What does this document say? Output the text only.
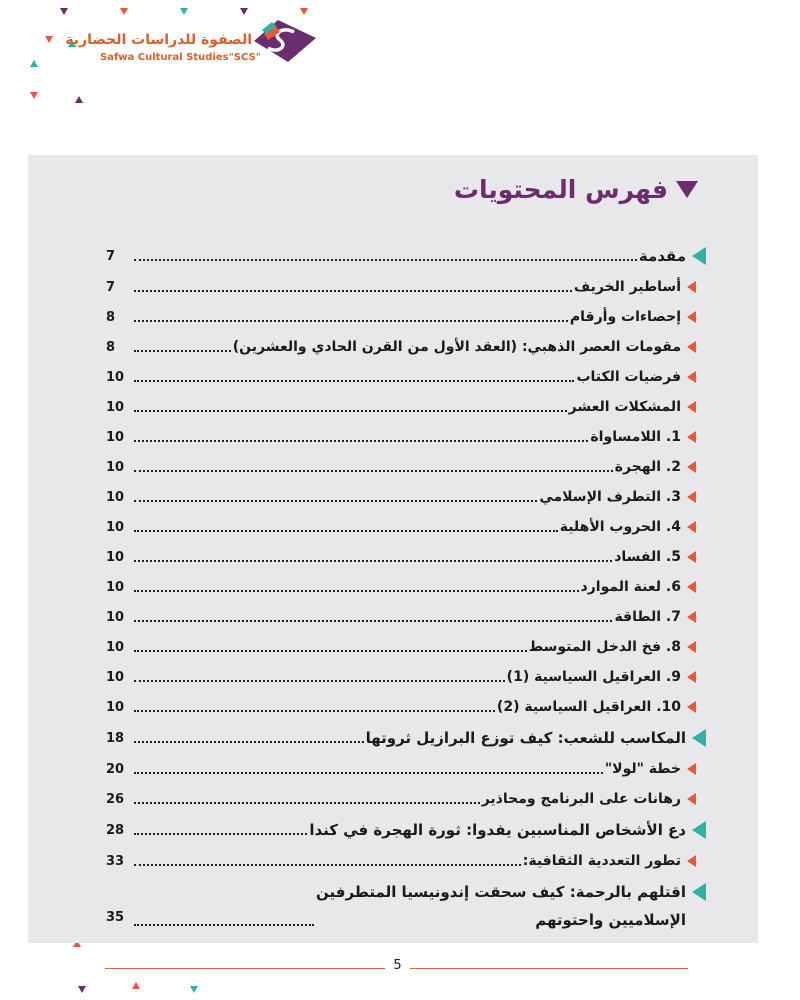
الصفوة للدراسات الحضارية
Safwa Cultural Studies"SCS"
فهرس المحتويات
مقدمة
7
أساطير الخريف
7
إحصاءات وأرقام
8
مقومات العصر الذهبي: (العقد الأول من القرن الحادي والعشرين)
8
فرضيات الكتاب
10
المشكلات العشر
10
1. اللامساواة
10
2. الهجرة
10
3. التطرف الإسلامي
10
4. الحروب الأهلية
10
5. الفساد
10
6. لعنة الموارد
10
7. الطاقة
10
8. فخ الدخل المتوسط
10
9. العراقيل السياسية (1)
10
10. العراقيل السياسية (2)
10
المكاسب للشعب: كيف توزع البرازيل ثروتها
18
خطة "لولا"
20
رهانات على البرنامج ومحاذير
26
دع الأشخاص المناسبين يفدوا: ثورة الهجرة في كندا
28
تطور التعددية الثقافية:
33
اقتلهم بالرحمة: كيف سحقت إندونيسيا المتطرفين
الإسلاميين واحتوتهم
35
5
